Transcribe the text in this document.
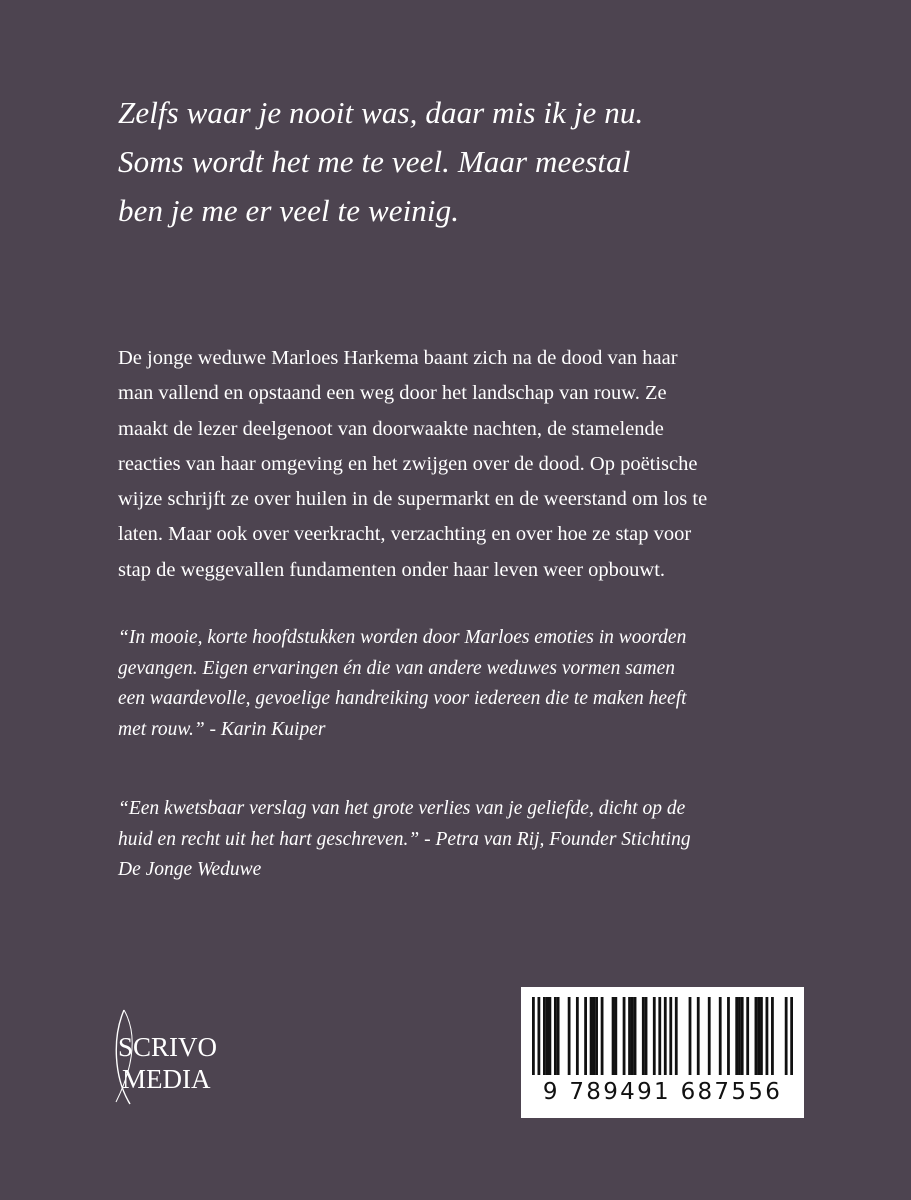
Zelfs waar je nooit was, daar mis ik je nu.
Soms wordt het me te veel. Maar meestal
ben je me er veel te weinig.
De jonge weduwe Marloes Harkema baant zich na de dood van haar
man vallend en opstaand een weg door het landschap van rouw. Ze
maakt de lezer deelgenoot van doorwaakte nachten, de stamelende
reacties van haar omgeving en het zwijgen over de dood. Op poëtische
wijze schrijft ze over huilen in de supermarkt en de weerstand om los te
laten. Maar ook over veerkracht, verzachting en over hoe ze stap voor
stap de weggevallen fundamenten onder haar leven weer opbouwt.
“In mooie, korte hoofdstukken worden door Marloes emoties in woorden
gevangen. Eigen ervaringen én die van andere weduwes vormen samen
een waardevolle, gevoelige handreiking voor iedereen die te maken heeft
met rouw.” - Karin Kuiper
“Een kwetsbaar verslag van het grote verlies van je geliefde, dicht op de
huid en recht uit het hart geschreven.” - Petra van Rij, Founder Stichting
De Jonge Weduwe
SCRIVO
MEDIA	9 789491 687556
